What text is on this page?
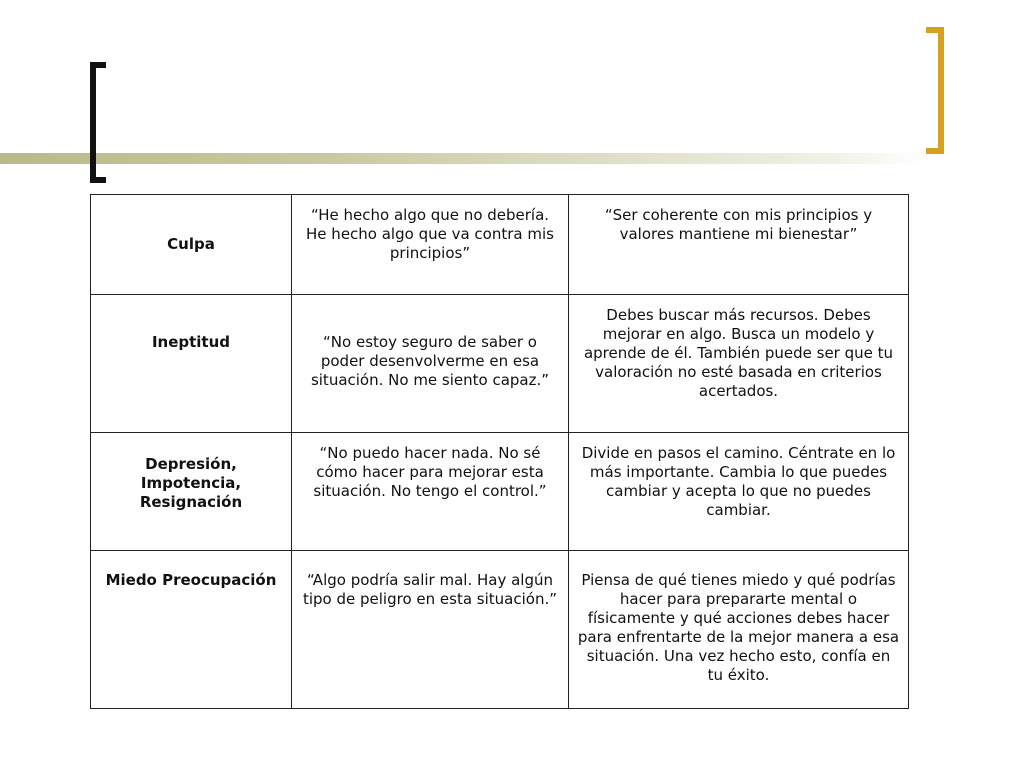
Culpa	“He hecho algo que no debería. He hecho algo que va contra mis principios”	“Ser coherente con mis principios y valores mantiene mi bienestar”
Ineptitud	“No estoy seguro de saber o poder desenvolverme en esa situación. No me siento capaz.”	Debes buscar más recursos. Debes mejorar en algo. Busca un modelo y aprende de él. También puede ser que tu valoración no esté basada en criterios acertados.
Depresión, Impotencia, Resignación	“No puedo hacer nada. No sé cómo hacer para mejorar esta situación. No tengo el control.”	Divide en pasos el camino. Céntrate en lo más importante. Cambia lo que puedes cambiar y acepta lo que no puedes cambiar.
Miedo Preocupación	“Algo podría salir mal. Hay algún tipo de peligro en esta situación.”	Piensa de qué tienes miedo y qué podrías hacer para prepararte mental o físicamente y qué acciones debes hacer para enfrentarte de la mejor manera a esa situación. Una vez hecho esto, confía en tu éxito.
